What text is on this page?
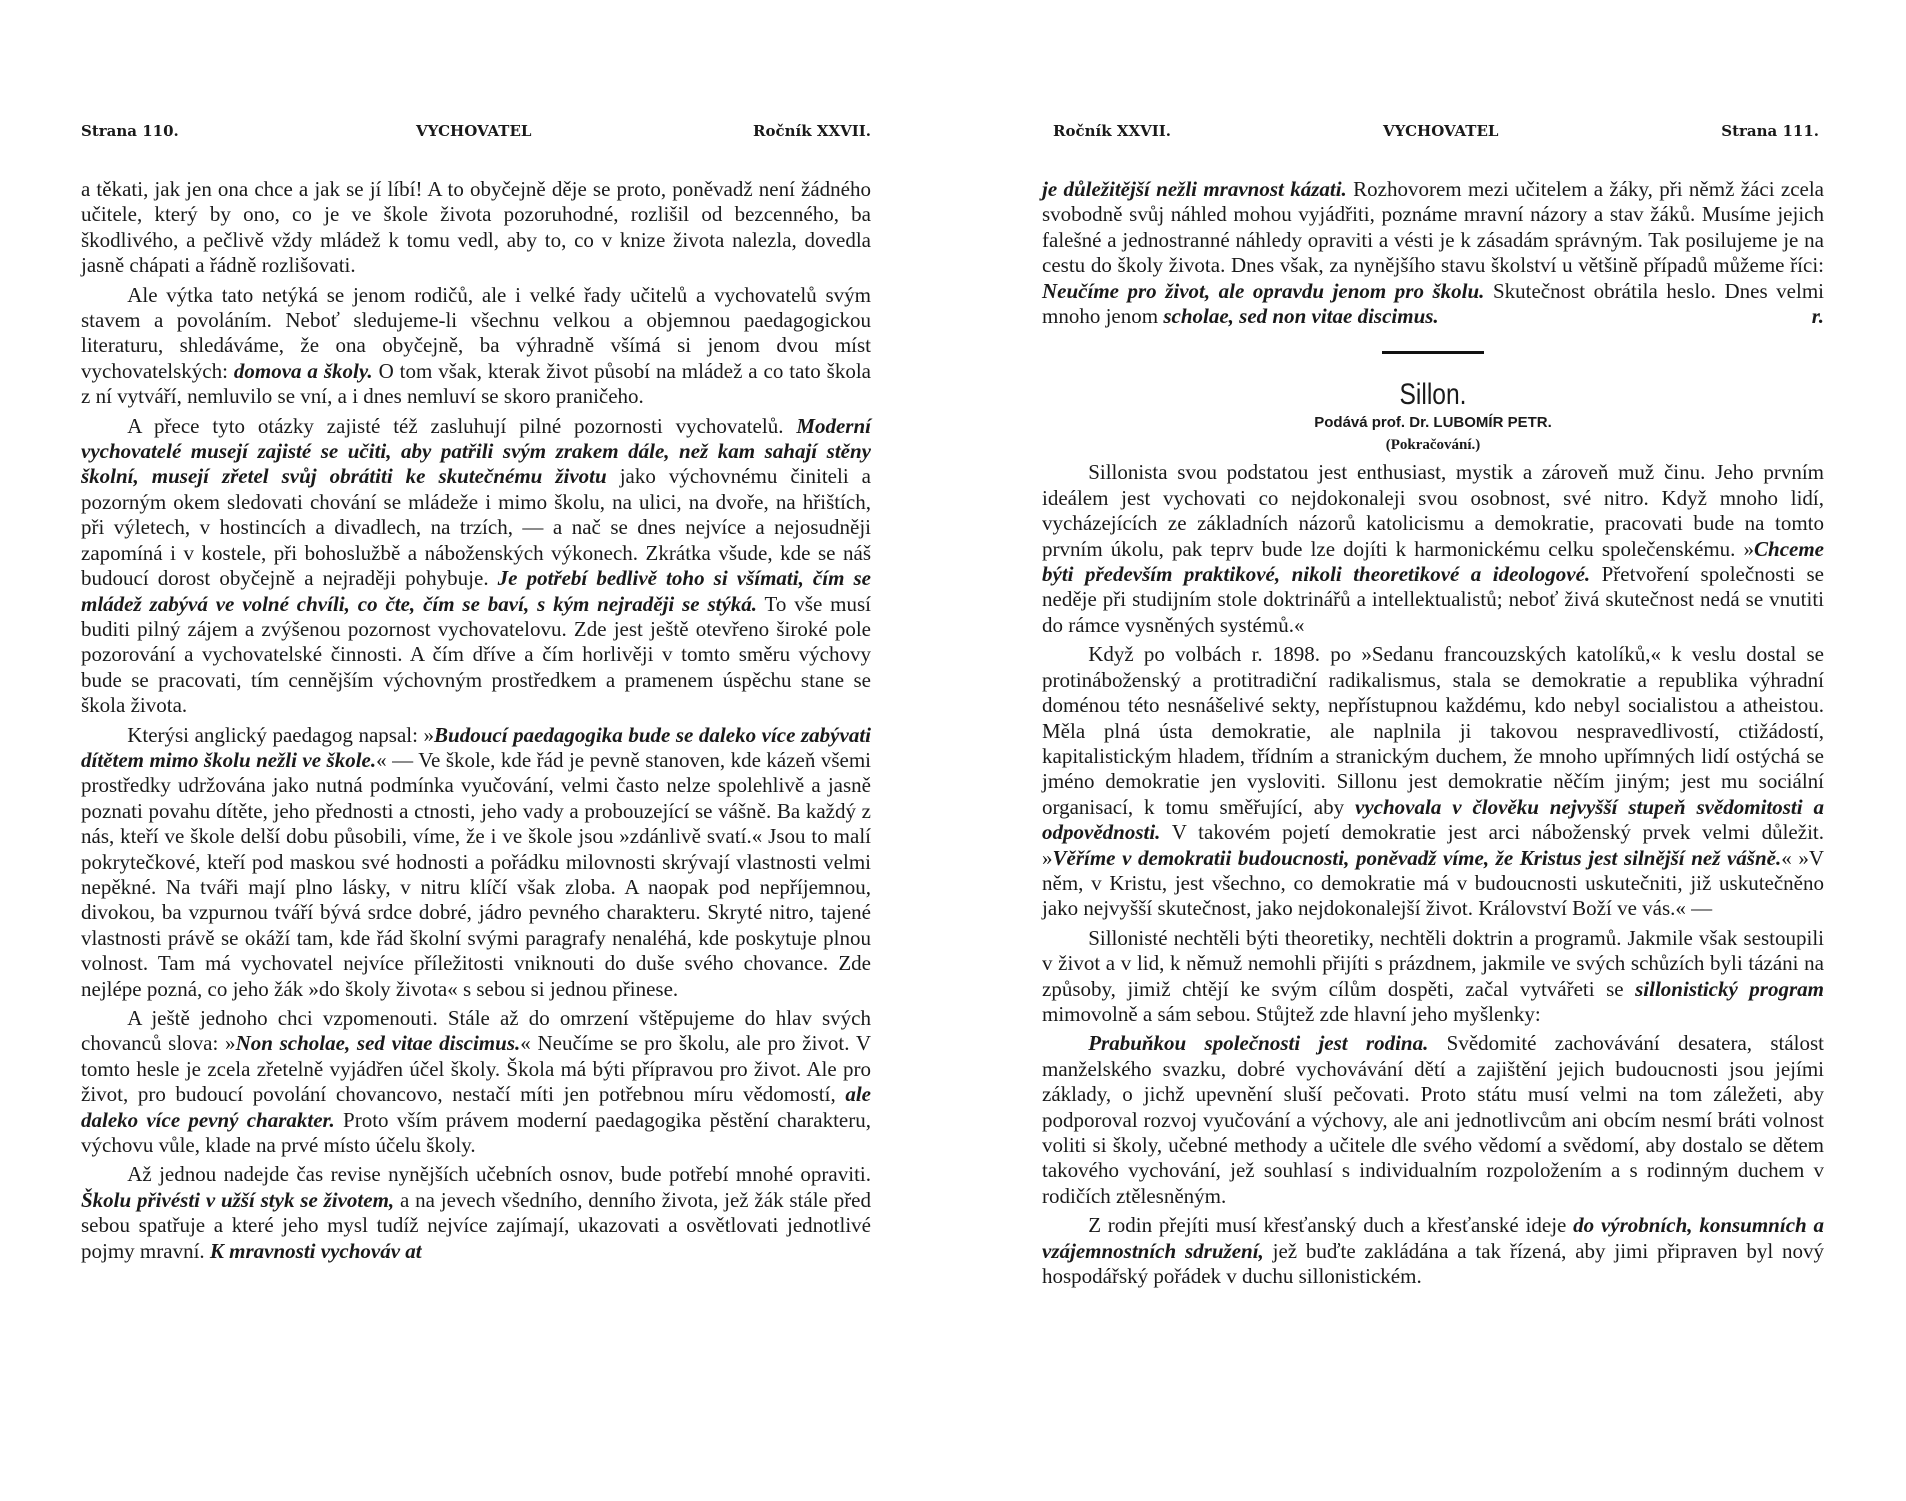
Strana 110.	VYCHOVATEL	Ročník XXVII.

a těkati, jak jen ona chce a jak se jí líbí! A to obyčejně děje se proto, poněvadž není žádného učitele, který by ono, co je ve škole života pozoruhodné, rozlišil od bezcenného, ba škodlivého, a pečlivě vždy mládež k tomu vedl, aby to, co v knize života nalezla, dovedla jasně chápati a řádně rozlišovati.

Ale výtka tato netýká se jenom rodičů, ale i velké řady učitelů a vychovatelů svým stavem a povoláním. Neboť sledujeme-li všechnu velkou a objemnou paedagogickou literaturu, shledáváme, že ona obyčejně, ba výhradně všímá si jenom dvou míst vychovatelských: domova a školy. O tom však, kterak život působí na mládež a co tato škola z ní vytváří, nemluvilo se vní, a i dnes nemluví se skoro praničeho.

A přece tyto otázky zajisté též zasluhují pilné pozornosti vychovatelů. Moderní vychovatelé musejí zajisté se učiti, aby patřili svým zrakem dále, než kam sahají stěny školní, musejí zřetel svůj obrátiti ke skutečnému životu jako výchovnému činiteli a pozorným okem sledovati chování se mládeže i mimo školu, na ulici, na dvoře, na hřištích, při výletech, v hostincích a divadlech, na trzích, — a nač se dnes nejvíce a nejosudněji zapomíná i v kostele, při bohoslužbě a náboženských výkonech. Zkrátka všude, kde se náš budoucí dorost obyčejně a nejraději pohybuje. Je potřebí bedlivě toho si všímati, čím se mládež zabývá ve volné chvíli, co čte, čím se baví, s kým nejraději se stýká. To vše musí buditi pilný zájem a zvýšenou pozornost vychovatelovu. Zde jest ještě otevřeno široké pole pozorování a vychovatelské činnosti. A čím dříve a čím horlivěji v tomto směru výchovy bude se pracovati, tím cennějším výchovným prostředkem a pramenem úspěchu stane se škola života.

Kterýsi anglický paedagog napsal: »Budoucí paedagogika bude se daleko více zabývati dítětem mimo školu nežli ve škole.« — Ve škole, kde řád je pevně stanoven, kde kázeň všemi prostředky udržována jako nutná podmínka vyučování, velmi často nelze spolehlivě a jasně poznati povahu dítěte, jeho přednosti a ctnosti, jeho vady a probouzející se vášně. Ba každý z nás, kteří ve škole delší dobu působili, víme, že i ve škole jsou »zdánlivě svatí.« Jsou to malí pokrytečkové, kteří pod maskou své hodnosti a pořádku milovnosti skrývají vlastnosti velmi nepěkné. Na tváři mají plno lásky, v nitru klíčí však zloba. A naopak pod nepříjemnou, divokou, ba vzpurnou tváří bývá srdce dobré, jádro pevného charakteru. Skryté nitro, tajené vlastnosti právě se okáží tam, kde řád školní svými paragrafy nenaléhá, kde poskytuje plnou volnost. Tam má vychovatel nejvíce příležitosti vniknouti do duše svého chovance. Zde nejlépe pozná, co jeho žák »do školy života« s sebou si jednou přinese.

A ještě jednoho chci vzpomenouti. Stále až do omrzení vštěpujeme do hlav svých chovanců slova: »Non scholae, sed vitae discimus.« Neučíme se pro školu, ale pro život. V tomto hesle je zcela zřetelně vyjádřen účel školy. Škola má býti přípravou pro život. Ale pro život, pro budoucí povolání chovancovo, nestačí míti jen potřebnou míru vědomostí, ale daleko více pevný charakter. Proto vším právem moderní paedagogika pěstění charakteru, výchovu vůle, klade na prvé místo účelu školy.

Až jednou nadejde čas revise nynějších učebních osnov, bude potřebí mnohé opraviti. Školu přivésti v užší styk se životem, a na jevech všedního, denního života, jež žák stále před sebou spatřuje a které jeho mysl tudíž nejvíce zajímají, ukazovati a osvětlovati jednotlivé pojmy mravní. K mravnosti vychováv at

Ročník XXVII.	VYCHOVATEL	Strana 111.

je důležitější nežli mravnost kázati. Rozhovorem mezi učitelem a žáky, při němž žáci zcela svobodně svůj náhled mohou vyjádřiti, poznáme mravní názory a stav žáků. Musíme jejich falešné a jednostranné náhledy opraviti a vésti je k zásadám správným. Tak posilujeme je na cestu do školy života. Dnes však, za nynějšího stavu školství u většině případů můžeme říci: Neučíme pro život, ale opravdu jenom pro školu. Skutečnost obrátila heslo. Dnes velmi mnoho jenom scholae, sed non vitae discimus.	r.

Sillon.

Podává prof. Dr. LUBOMÍR PETR.

(Pokračování.)

Sillonista svou podstatou jest enthusiast, mystik a zároveň muž činu. Jeho prvním ideálem jest vychovati co nejdokonaleji svou osobnost, své nitro. Když mnoho lidí, vycházejících ze základních názorů katolicismu a demokratie, pracovati bude na tomto prvním úkolu, pak teprv bude lze dojíti k harmonickému celku společenskému. »Chceme býti především praktikové, nikoli theoretikové a ideologové. Přetvoření společnosti se neděje při studijním stole doktrinářů a intellektualistů; neboť živá skutečnost nedá se vnutiti do rámce vysněných systémů.«

Když po volbách r. 1898. po »Sedanu francouzských katolíků,« k veslu dostal se protináboženský a protitradiční radikalismus, stala se demokratie a republika výhradní doménou této nesnášelivé sekty, nepřístupnou každému, kdo nebyl socialistou a atheistou. Měla plná ústa demokratie, ale naplnila ji takovou nespravedlivostí, ctižádostí, kapitalistickým hladem, třídním a stranickým duchem, že mnoho upřímných lidí ostýchá se jméno demokratie jen vysloviti. Sillonu jest demokratie něčím jiným; jest mu sociální organisací, k tomu směřující, aby vychovala v člověku nejvyšší stupeň svědomitosti a odpovědnosti. V takovém pojetí demokratie jest arci náboženský prvek velmi důležit. »Věříme v demokratii budoucnosti, poněvadž víme, že Kristus jest silnější než vášně.« »V něm, v Kristu, jest všechno, co demokratie má v budoucnosti uskutečniti, již uskutečněno jako nejvyšší skutečnost, jako nejdokonalejší život. Království Boží ve vás.« —

Sillonisté nechtěli býti theoretiky, nechtěli doktrin a programů. Jakmile však sestoupili v život a v lid, k němuž nemohli přijíti s prázdnem, jakmile ve svých schůzích byli tázáni na způsoby, jimiž chtějí ke svým cílům dospěti, začal vytvářeti se sillonistický program mimovolně a sám sebou. Stůjtež zde hlavní jeho myšlenky:

Prabuňkou společnosti jest rodina. Svědomité zachovávání desatera, stálost manželského svazku, dobré vychovávání dětí a zajištění jejich budoucnosti jsou jejími základy, o jichž upevnění sluší pečovati. Proto státu musí velmi na tom záležeti, aby podporoval rozvoj vyučování a výchovy, ale ani jednotlivcům ani obcím nesmí bráti volnost voliti si školy, učebné methody a učitele dle svého vědomí a svědomí, aby dostalo se dětem takového vychování, jež souhlasí s individualním rozpoložením a s rodinným duchem v rodičích ztělesněným.

Z rodin přejíti musí křesťanský duch a křesťanské ideje do výrobních, konsumních a vzájemnostních sdružení, jež buďte zakládána a tak řízená, aby jimi připraven byl nový hospodářský pořádek v duchu sillonistickém.
